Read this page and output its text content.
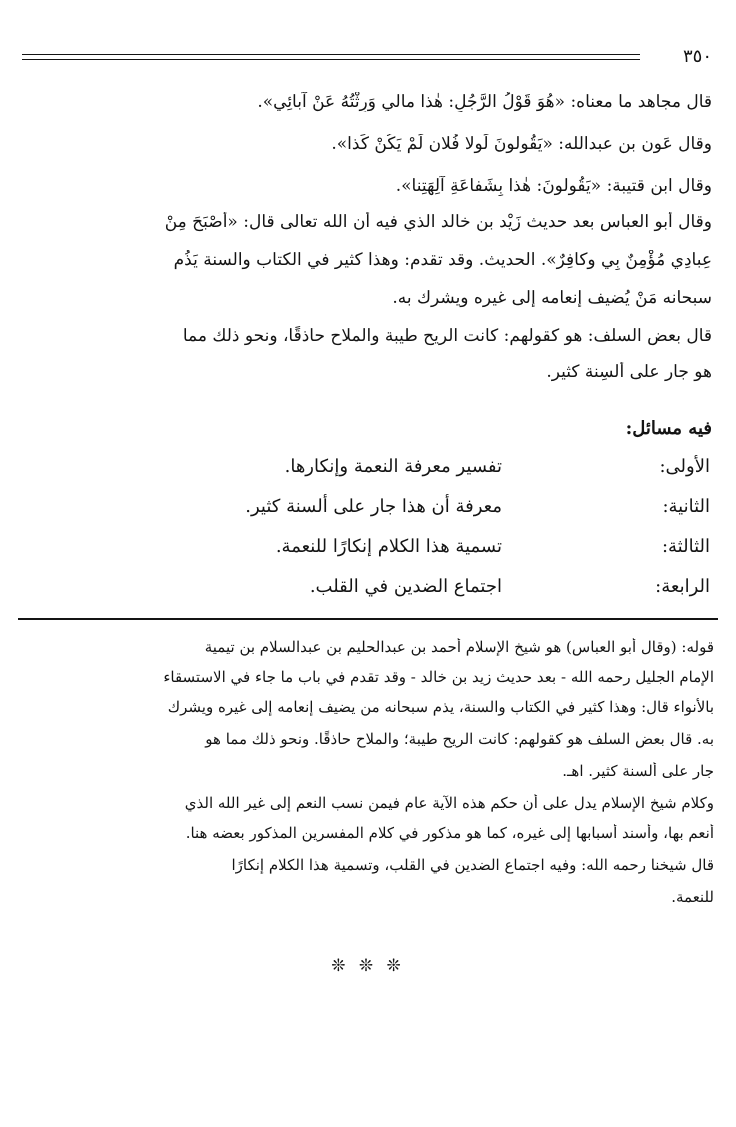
٣٥٠

قال مجاهد ما معناه: «هُوَ قَوْلُ الرَّجُلِ: هٰذا مالي وَرِثْتُهُ عَنْ آبائِي».

وقال عَون بن عبدالله: «يَقُولونَ لَولا فُلان لَمْ يَكُنْ كَذا».

وقال ابن قتيبة: «يَقُولونَ: هٰذا بِشَفاعَةِ آلِهَتِنا».

وقال أبو العباس بعد حديث زَيْد بن خالد الذي فيه أن الله تعالى قال: «أَصْبَحَ مِنْ

عِبادِي مُؤْمِنٌ بِي وكافِرٌ». الحديث. وقد تقدم: وهذا كثير في الكتاب والسنة يَذُم

سبحانه مَنْ يُضيف إنعامه إلى غيره ويشرك به.

قال بعض السلف: هو كقولهم: كانت الريح طيبة والملاح حاذقًا، ونحو ذلك مما

هو جار على ألسِنة كثير.

فيه مسائل:
الأولى:
تفسير معرفة النعمة وإنكارها.
الثانية:
معرفة أن هذا جار على ألسنة كثير.
الثالثة:
تسمية هذا الكلام إنكارًا للنعمة.
الرابعة:
اجتماع الضدين في القلب.

قوله: (وقال أبو العباس) هو شيخ الإسلام أحمد بن عبدالحليم بن عبدالسلام بن تيمية

الإمام الجليل رحمه الله - بعد حديث زيد بن خالد - وقد تقدم في باب ما جاء في الاستسقاء

بالأنواء قال: وهذا كثير في الكتاب والسنة، يذم سبحانه من يضيف إنعامه إلى غيره ويشرك

به. قال بعض السلف هو كقولهم: كانت الريح طيبة؛ والملاح حاذقًا. ونحو ذلك مما هو

جار على ألسنة كثير. اهـ.

وكلام شيخ الإسلام يدل على أن حكم هذه الآية عام فيمن نسب النعم إلى غير الله الذي

أنعم بها، وأسند أسبابها إلى غيره، كما هو مذكور في كلام المفسرين المذكور بعضه هنا.

قال شيخنا رحمه الله: وفيه اجتماع الضدين في القلب، وتسمية هذا الكلام إنكارًا

للنعمة.

❊ ❊ ❊
